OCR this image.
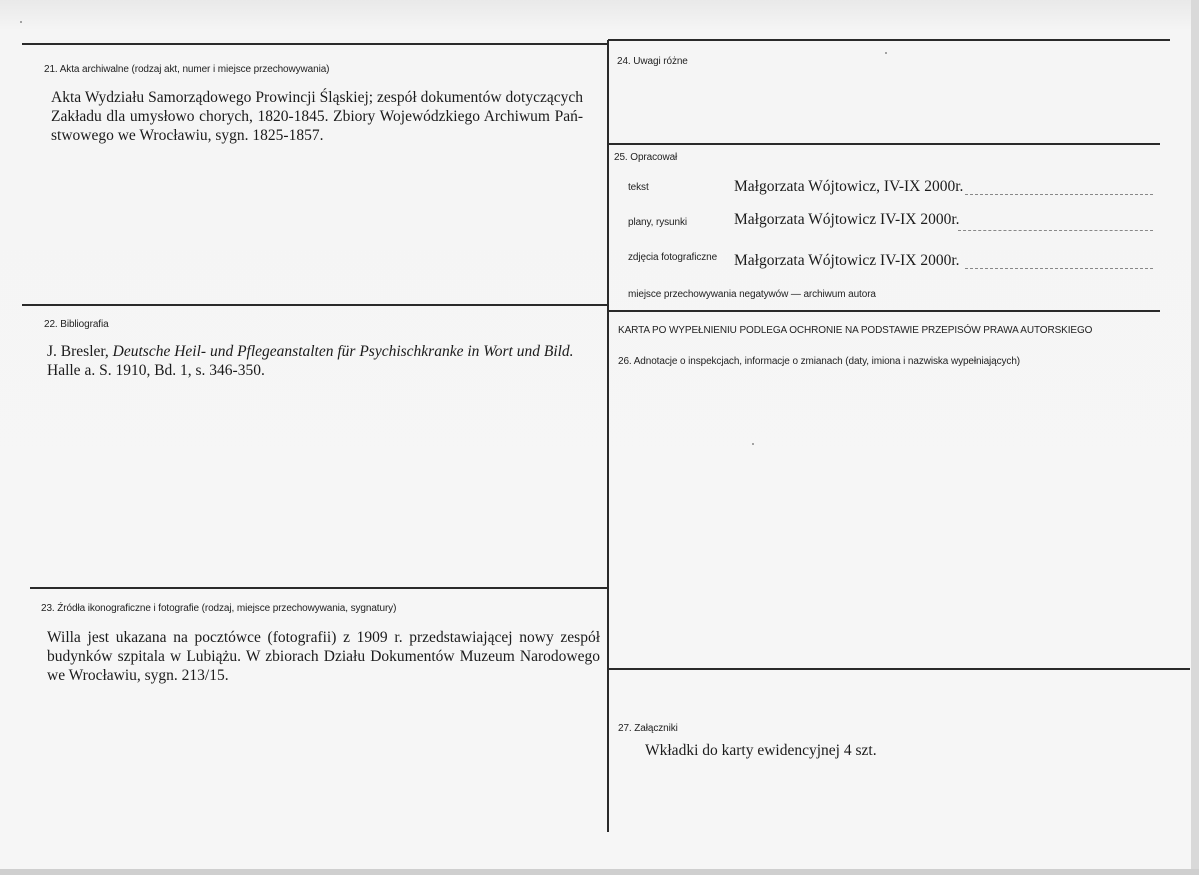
21. Akta archiwalne (rodzaj akt, numer i miejsce przechowywania)
Akta Wydziału Samorządowego Prowincji Śląskiej; zespół dokumentów dotyczących
Zakładu dla umysłowo chorych, 1820-1845. Zbiory Wojewódzkiego Archiwum Pań-
stwowego we Wrocławiu, sygn. 1825-1857.
22. Bibliografia
J. Bresler, Deutsche Heil- und Pflegeanstalten für Psychischkranke in Wort und Bild.
Halle a. S. 1910, Bd. 1, s. 346-350.
23. Źródła ikonograficzne i fotografie (rodzaj, miejsce przechowywania, sygnatury)
Willa jest ukazana na pocztówce (fotografii) z 1909 r. przedstawiającej nowy zespół
budynków szpitala w Lubiążu. W zbiorach Działu Dokumentów Muzeum Narodowego
we Wrocławiu, sygn. 213/15.
24. Uwagi różne
25. Opracował
tekst	Małgorzata Wójtowicz, IV-IX 2000r.
plany, rysunki	Małgorzata Wójtowicz IV-IX 2000r.
zdjęcia fotograficzne Małgorzata Wójtowicz IV-IX 2000r.
miejsce przechowywania negatywów — archiwum autora
KARTA PO WYPEŁNIENIU PODLEGA OCHRONIE NA PODSTAWIE PRZEPISÓW PRAWA AUTORSKIEGO
26. Adnotacje o inspekcjach, informacje o zmianach (daty, imiona i nazwiska wypełniających)
27. Załączniki
Wkładki do karty ewidencyjnej 4 szt.
